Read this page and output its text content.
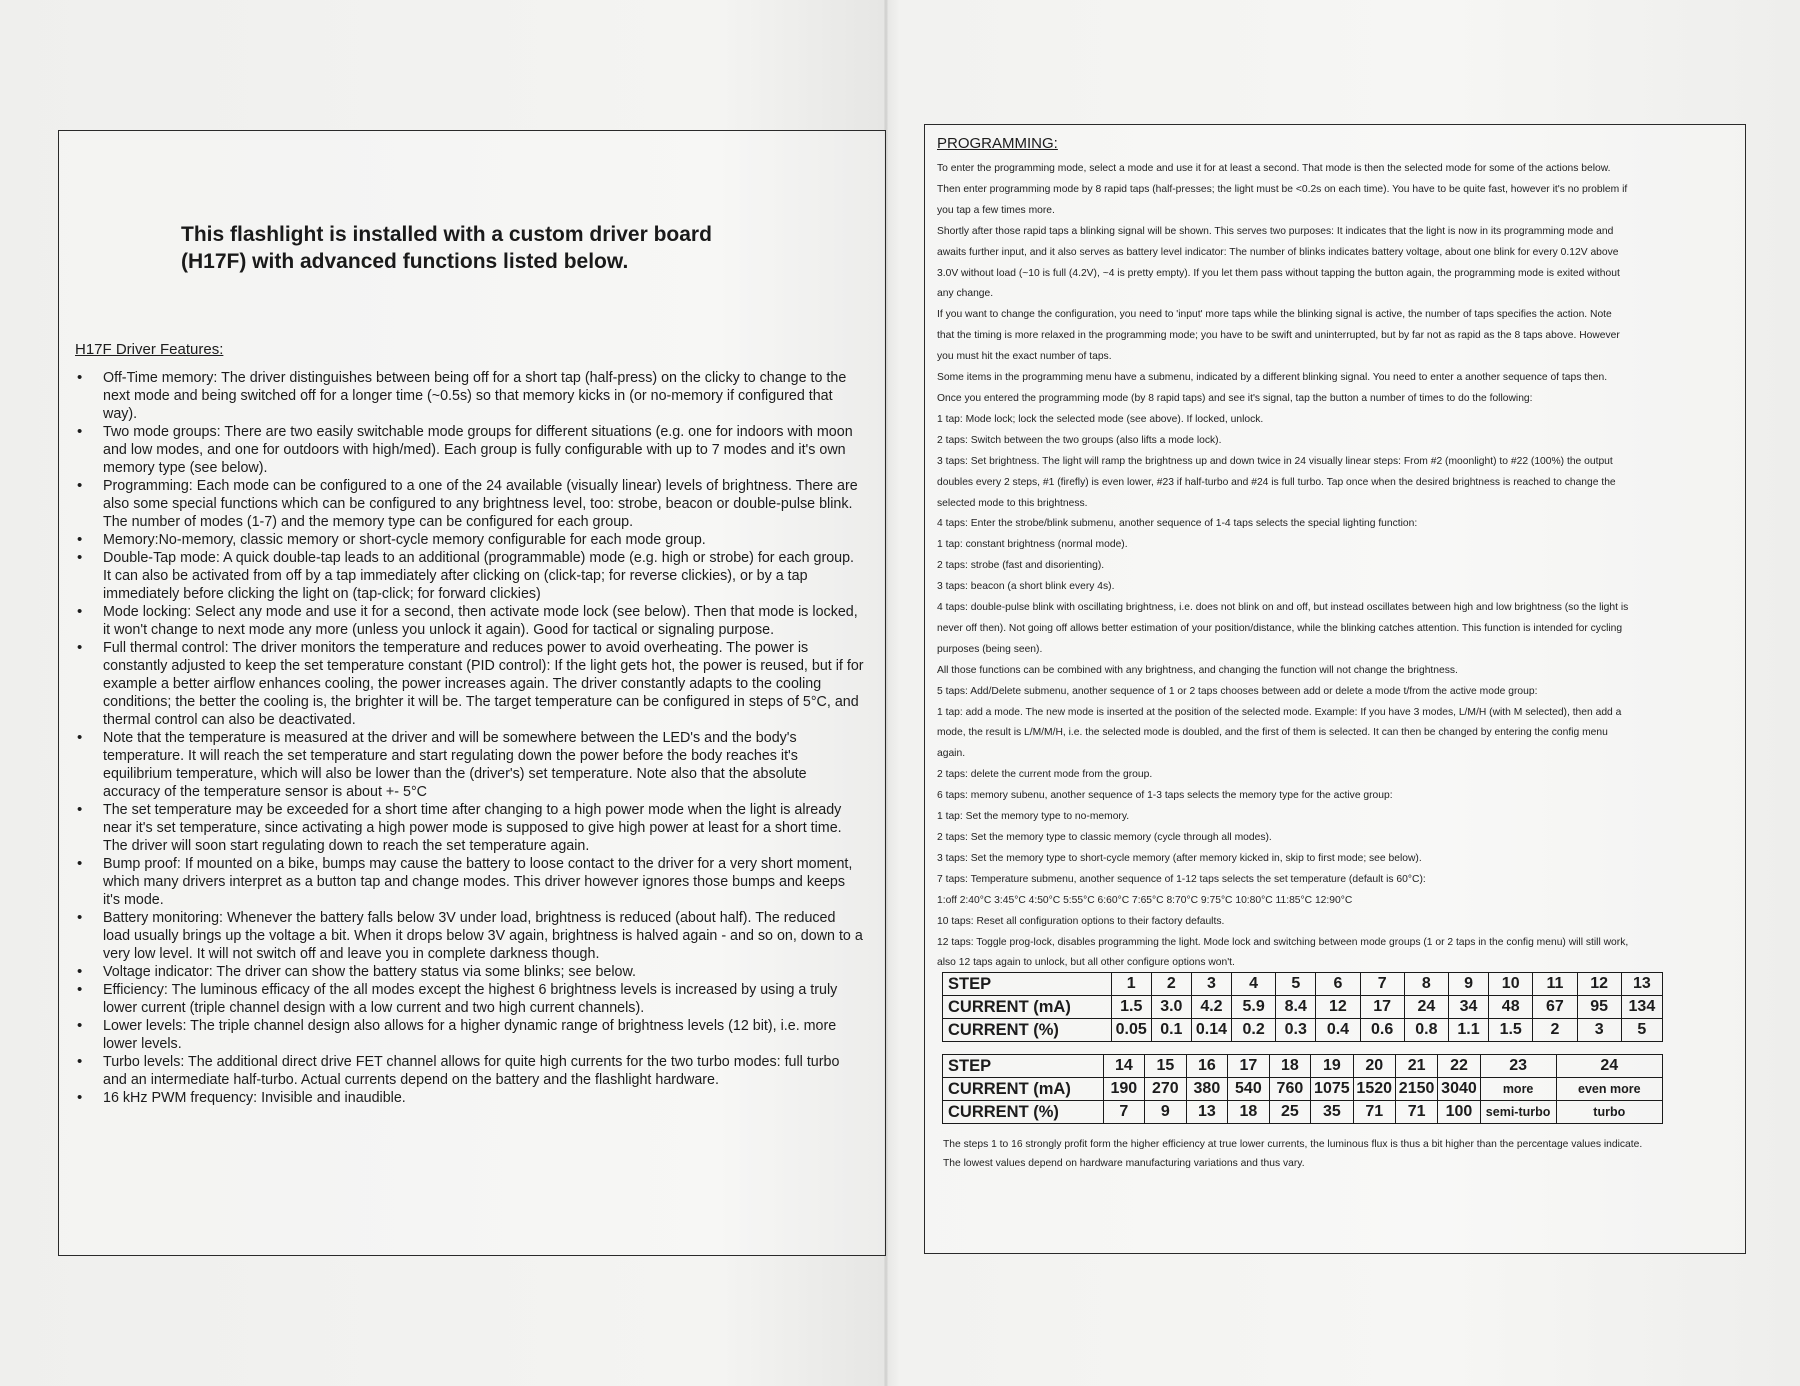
This flashlight is installed with a custom driver board
(H17F) with advanced functions listed below.
H17F Driver Features:
• Off-Time memory: The driver distinguishes between being off for a short tap (half-press) on the clicky to change to the next mode and being switched off for a longer time (~0.5s) so that memory kicks in (or no-memory if configured that way).
• Two mode groups: There are two easily switchable mode groups for different situations (e.g. one for indoors with moon and low modes, and one for outdoors with high/med). Each group is fully configurable with up to 7 modes and it's own memory type (see below).
• Programming: Each mode can be configured to a one of the 24 available (visually linear) levels of brightness. There are also some special functions which can be configured to any brightness level, too: strobe, beacon or double-pulse blink. The number of modes (1-7) and the memory type can be configured for each group.
• Memory:No-memory, classic memory or short-cycle memory configurable for each mode group.
• Double-Tap mode: A quick double-tap leads to an additional (programmable) mode (e.g. high or strobe) for each group. It can also be activated from off by a tap immediately after clicking on (click-tap; for reverse clickies), or by a tap immediately before clicking the light on (tap-click; for forward clickies)
• Mode locking: Select any mode and use it for a second, then activate mode lock (see below). Then that mode is locked, it won't change to next mode any more (unless you unlock it again). Good for tactical or signaling purpose.
• Full thermal control: The driver monitors the temperature and reduces power to avoid overheating. The power is constantly adjusted to keep the set temperature constant (PID control): If the light gets hot, the power is reused, but if for example a better airflow enhances cooling, the power increases again. The driver constantly adapts to the cooling conditions; the better the cooling is, the brighter it will be. The target temperature can be configured in steps of 5°C, and thermal control can also be deactivated.
• Note that the temperature is measured at the driver and will be somewhere between the LED's and the body's temperature. It will reach the set temperature and start regulating down the power before the body reaches it's equilibrium temperature, which will also be lower than the (driver's) set temperature. Note also that the absolute accuracy of the temperature sensor is about +- 5°C
• The set temperature may be exceeded for a short time after changing to a high power mode when the light is already near it's set temperature, since activating a high power mode is supposed to give high power at least for a short time. The driver will soon start regulating down to reach the set temperature again.
• Bump proof: If mounted on a bike, bumps may cause the battery to loose contact to the driver for a very short moment, which many drivers interpret as a button tap and change modes. This driver however ignores those bumps and keeps it's mode.
• Battery monitoring: Whenever the battery falls below 3V under load, brightness is reduced (about half). The reduced load usually brings up the voltage a bit. When it drops below 3V again, brightness is halved again - and so on, down to a very low level. It will not switch off and leave you in complete darkness though.
• Voltage indicator: The driver can show the battery status via some blinks; see below.
• Efficiency: The luminous efficacy of the all modes except the highest 6 brightness levels is increased by using a truly lower current (triple channel design with a low current and two high current channels).
• Lower levels: The triple channel design also allows for a higher dynamic range of brightness levels (12 bit), i.e. more lower levels.
• Turbo levels: The additional direct drive FET channel allows for quite high currents for the two turbo modes: full turbo and an intermediate half-turbo. Actual currents depend on the battery and the flashlight hardware.
• 16 kHz PWM frequency: Invisible and inaudible.
PROGRAMMING:

To enter the programming mode, select a mode and use it for at least a second. That mode is then the selected mode for some of the actions below.

Then enter programming mode by 8 rapid taps (half-presses; the light must be <0.2s on each time). You have to be quite fast, however it's no problem if

you tap a few times more.

Shortly after those rapid taps a blinking signal will be shown. This serves two purposes: It indicates that the light is now in its programming mode and

awaits further input, and it also serves as battery level indicator: The number of blinks indicates battery voltage, about one blink for every 0.12V above

3.0V without load (~10 is full (4.2V), ~4 is pretty empty). If you let them pass without tapping the button again, the programming mode is exited without

any change.

If you want to change the configuration, you need to 'input' more taps while the blinking signal is active, the number of taps specifies the action. Note

that the timing is more relaxed in the programming mode; you have to be swift and uninterrupted, but by far not as rapid as the 8 taps above. However

you must hit the exact number of taps.

Some items in the programming menu have a submenu, indicated by a different blinking signal. You need to enter a another sequence of taps then.

Once you entered the programming mode (by 8 rapid taps) and see it's signal, tap the button a number of times to do the following:

1 tap: Mode lock; lock the selected mode (see above). If locked, unlock.

2 taps: Switch between the two groups (also lifts a mode lock).

3 taps: Set brightness. The light will ramp the brightness up and down twice in 24 visually linear steps: From #2 (moonlight) to #22 (100%) the output

doubles every 2 steps, #1 (firefly) is even lower, #23 if half-turbo and #24 is full turbo. Tap once when the desired brightness is reached to change the

selected mode to this brightness.

4 taps: Enter the strobe/blink submenu, another sequence of 1-4 taps selects the special lighting function:

1 tap: constant brightness (normal mode).

2 taps: strobe (fast and disorienting).

3 taps: beacon (a short blink every 4s).

4 taps: double-pulse blink with oscillating brightness, i.e. does not blink on and off, but instead oscillates between high and low brightness (so the light is

never off then). Not going off allows better estimation of your position/distance, while the blinking catches attention. This function is intended for cycling

purposes (being seen).

All those functions can be combined with any brightness, and changing the function will not change the brightness.

5 taps: Add/Delete submenu, another sequence of 1 or 2 taps chooses between add or delete a mode t/from the active mode group:

1 tap: add a mode. The new mode is inserted at the position of the selected mode. Example: If you have 3 modes, L/M/H (with M selected), then add a

mode, the result is L/M/M/H, i.e. the selected mode is doubled, and the first of them is selected. It can then be changed by entering the config menu

again.

2 taps: delete the current mode from the group.

6 taps: memory subenu, another sequence of 1-3 taps selects the memory type for the active group:

1 tap: Set the memory type to no-memory.

2 taps: Set the memory type to classic memory (cycle through all modes).

3 taps: Set the memory type to short-cycle memory (after memory kicked in, skip to first mode; see below).

7 taps: Temperature submenu, another sequence of 1-12 taps selects the set temperature (default is 60°C):

1:off 2:40°C 3:45°C 4:50°C 5:55°C 6:60°C 7:65°C 8:70°C 9:75°C 10:80°C 11:85°C 12:90°C

10 taps: Reset all configuration options to their factory defaults.

12 taps: Toggle prog-lock, disables programming the light. Mode lock and switching between mode groups (1 or 2 taps in the config menu) will still work,

also 12 taps again to unlock, but all other configure options won't.

STEP	1	2	3	4	5	6	7	8	9	10	11	12	13
CURRENT (mA)	1.5	3.0	4.2	5.9	8.4	12	17	24	34	48	67	95	134
CURRENT (%)	0.05	0.1	0.14	0.2	0.3	0.4	0.6	0.8	1.1	1.5	2	3	5
STEP	14	15	16	17	18	19	20	21	22	23	24
CURRENT (mA)	190	270	380	540	760	1075	1520	2150	3040	more	even more
CURRENT (%)	7	9	13	18	25	35	71	71	100	semi-turbo	turbo

The steps 1 to 16 strongly profit form the higher efficiency at true lower currents, the luminous flux is thus a bit higher than the percentage values indicate.

The lowest values depend on hardware manufacturing variations and thus vary.
